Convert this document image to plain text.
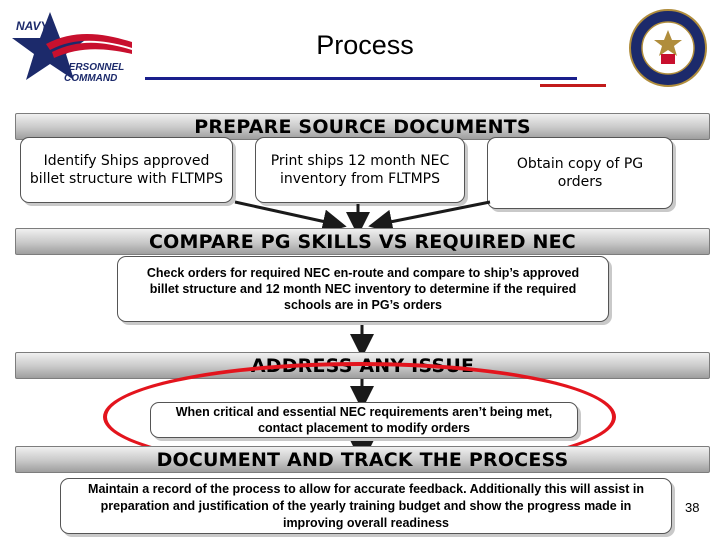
NAVY
PERSONNEL
COMMAND
Process
PREPARE SOURCE DOCUMENTS
Identify Ships approved billet structure with FLTMPS
Print ships 12 month NEC inventory from FLTMPS
Obtain copy of PG orders
COMPARE PG SKILLS VS REQUIRED NEC
Check orders for required NEC en-route and compare to ship’s approved billet structure and 12 month NEC inventory to determine if the required schools are in PG’s orders
ADDRESS ANY ISSUE
When critical and essential NEC requirements aren’t being met, contact placement to modify orders
DOCUMENT AND TRACK THE PROCESS
Maintain a record of the process to allow for accurate feedback. Additionally this will assist in preparation and justification of the yearly training budget and show the progress made in improving overall readiness
38
